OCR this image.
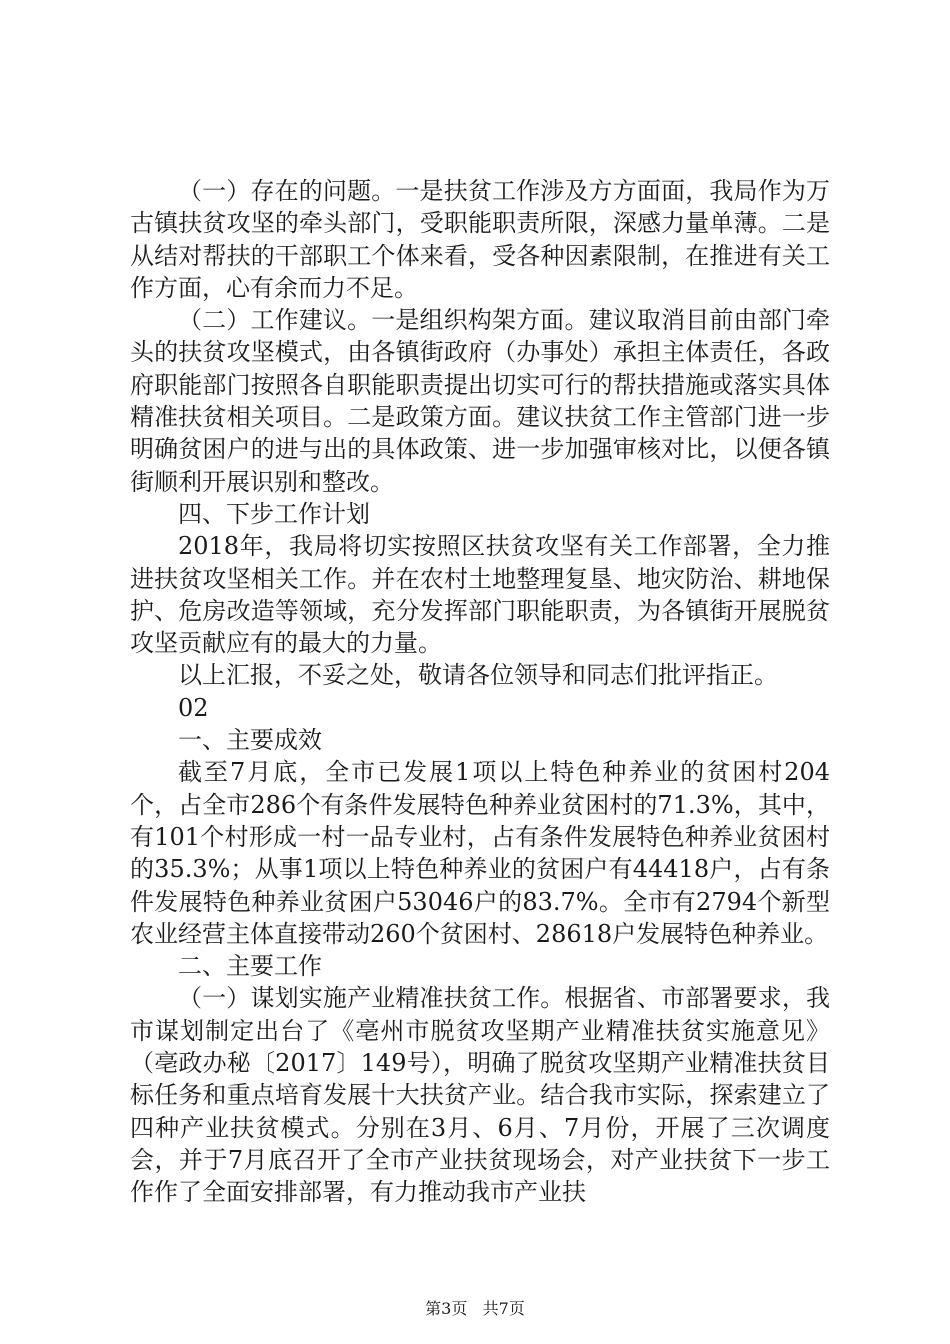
（一）存在的问题。一是扶贫工作涉及方方面面，我局作为万古镇扶贫攻坚的牵头部门，受职能职责所限，深感力量单薄。二是从结对帮扶的干部职工个体来看，受各种因素限制，在推进有关工作方面，心有余而力不足。

（二）工作建议。一是组织构架方面。建议取消目前由部门牵头的扶贫攻坚模式，由各镇街政府（办事处）承担主体责任，各政府职能部门按照各自职能职责提出切实可行的帮扶措施或落实具体精准扶贫相关项目。二是政策方面。建议扶贫工作主管部门进一步明确贫困户的进与出的具体政策、进一步加强审核对比，以便各镇街顺利开展识别和整改。

四、下步工作计划

2018年，我局将切实按照区扶贫攻坚有关工作部署，全力推进扶贫攻坚相关工作。并在农村土地整理复垦、地灾防治、耕地保护、危房改造等领域，充分发挥部门职能职责，为各镇街开展脱贫攻坚贡献应有的最大的力量。

以上汇报，不妥之处，敬请各位领导和同志们批评指正。

02

一、主要成效

截至7月底，全市已发展1项以上特色种养业的贫困村204个，占全市286个有条件发展特色种养业贫困村的71.3%，其中，有101个村形成一村一品专业村，占有条件发展特色种养业贫困村的35.3%；从事1项以上特色种养业的贫困户有44418户，占有条件发展特色种养业贫困户53046户的83.7%。全市有2794个新型农业经营主体直接带动260个贫困村、28618户发展特色种养业。

二、主要工作

（一）谋划实施产业精准扶贫工作。根据省、市部署要求，我市谋划制定出台了《亳州市脱贫攻坚期产业精准扶贫实施意见》（亳政办秘〔2017〕149号），明确了脱贫攻坚期产业精准扶贫目标任务和重点培育发展十大扶贫产业。结合我市实际，探索建立了四种产业扶贫模式。分别在3月、6月、7月份，开展了三次调度会，并于7月底召开了全市产业扶贫现场会，对产业扶贫下一步工作作了全面安排部署，有力推动我市产业扶

第3页 共7页
